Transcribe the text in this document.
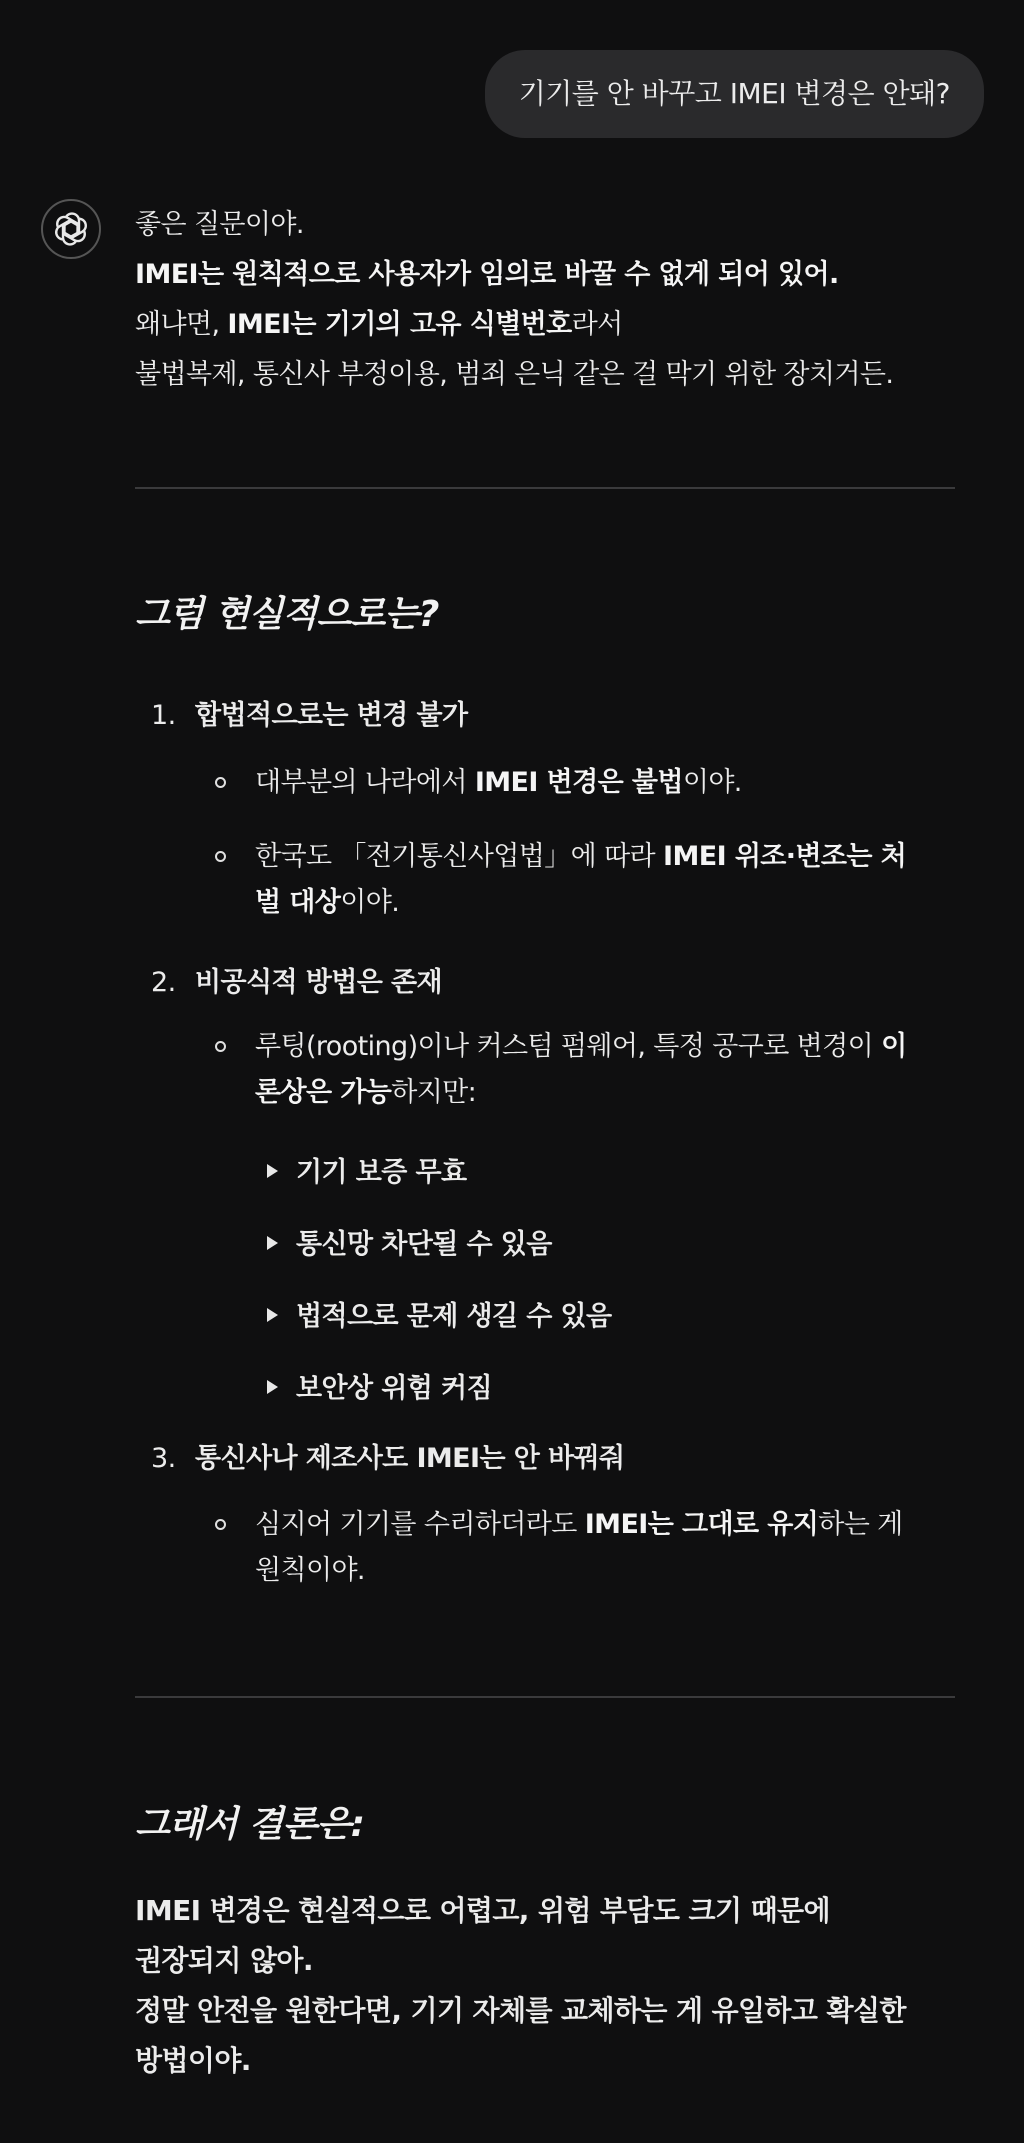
기기를 안 바꾸고 IMEI 변경은 안돼?

좋은 질문이야.

IMEI는 원칙적으로 사용자가 임의로 바꿀 수 없게 되어 있어.

왜냐면, IMEI는 기기의 고유 식별번호라서

불법복제, 통신사 부정이용, 범죄 은닉 같은 걸 막기 위한 장치거든.

그럼 현실적으로는?
1. 합법적으로는 변경 불가
대부분의 나라에서 IMEI 변경은 불법이야.
한국도 「전기통신사업법」에 따라 IMEI 위조·변조는 처벌 대상이야.
2. 비공식적 방법은 존재
루팅(rooting)이나 커스텀 펌웨어, 특정 공구로 변경이 이론상은 가능하지만:
기기 보증 무효
통신망 차단될 수 있음
법적으로 문제 생길 수 있음
보안상 위험 커짐
3. 통신사나 제조사도 IMEI는 안 바꿔줘
심지어 기기를 수리하더라도 IMEI는 그대로 유지하는 게 원칙이야.
그래서 결론은:

IMEI 변경은 현실적으로 어렵고, 위험 부담도 크기 때문에

권장되지 않아.

정말 안전을 원한다면, 기기 자체를 교체하는 게 유일하고 확실한

방법이야.
